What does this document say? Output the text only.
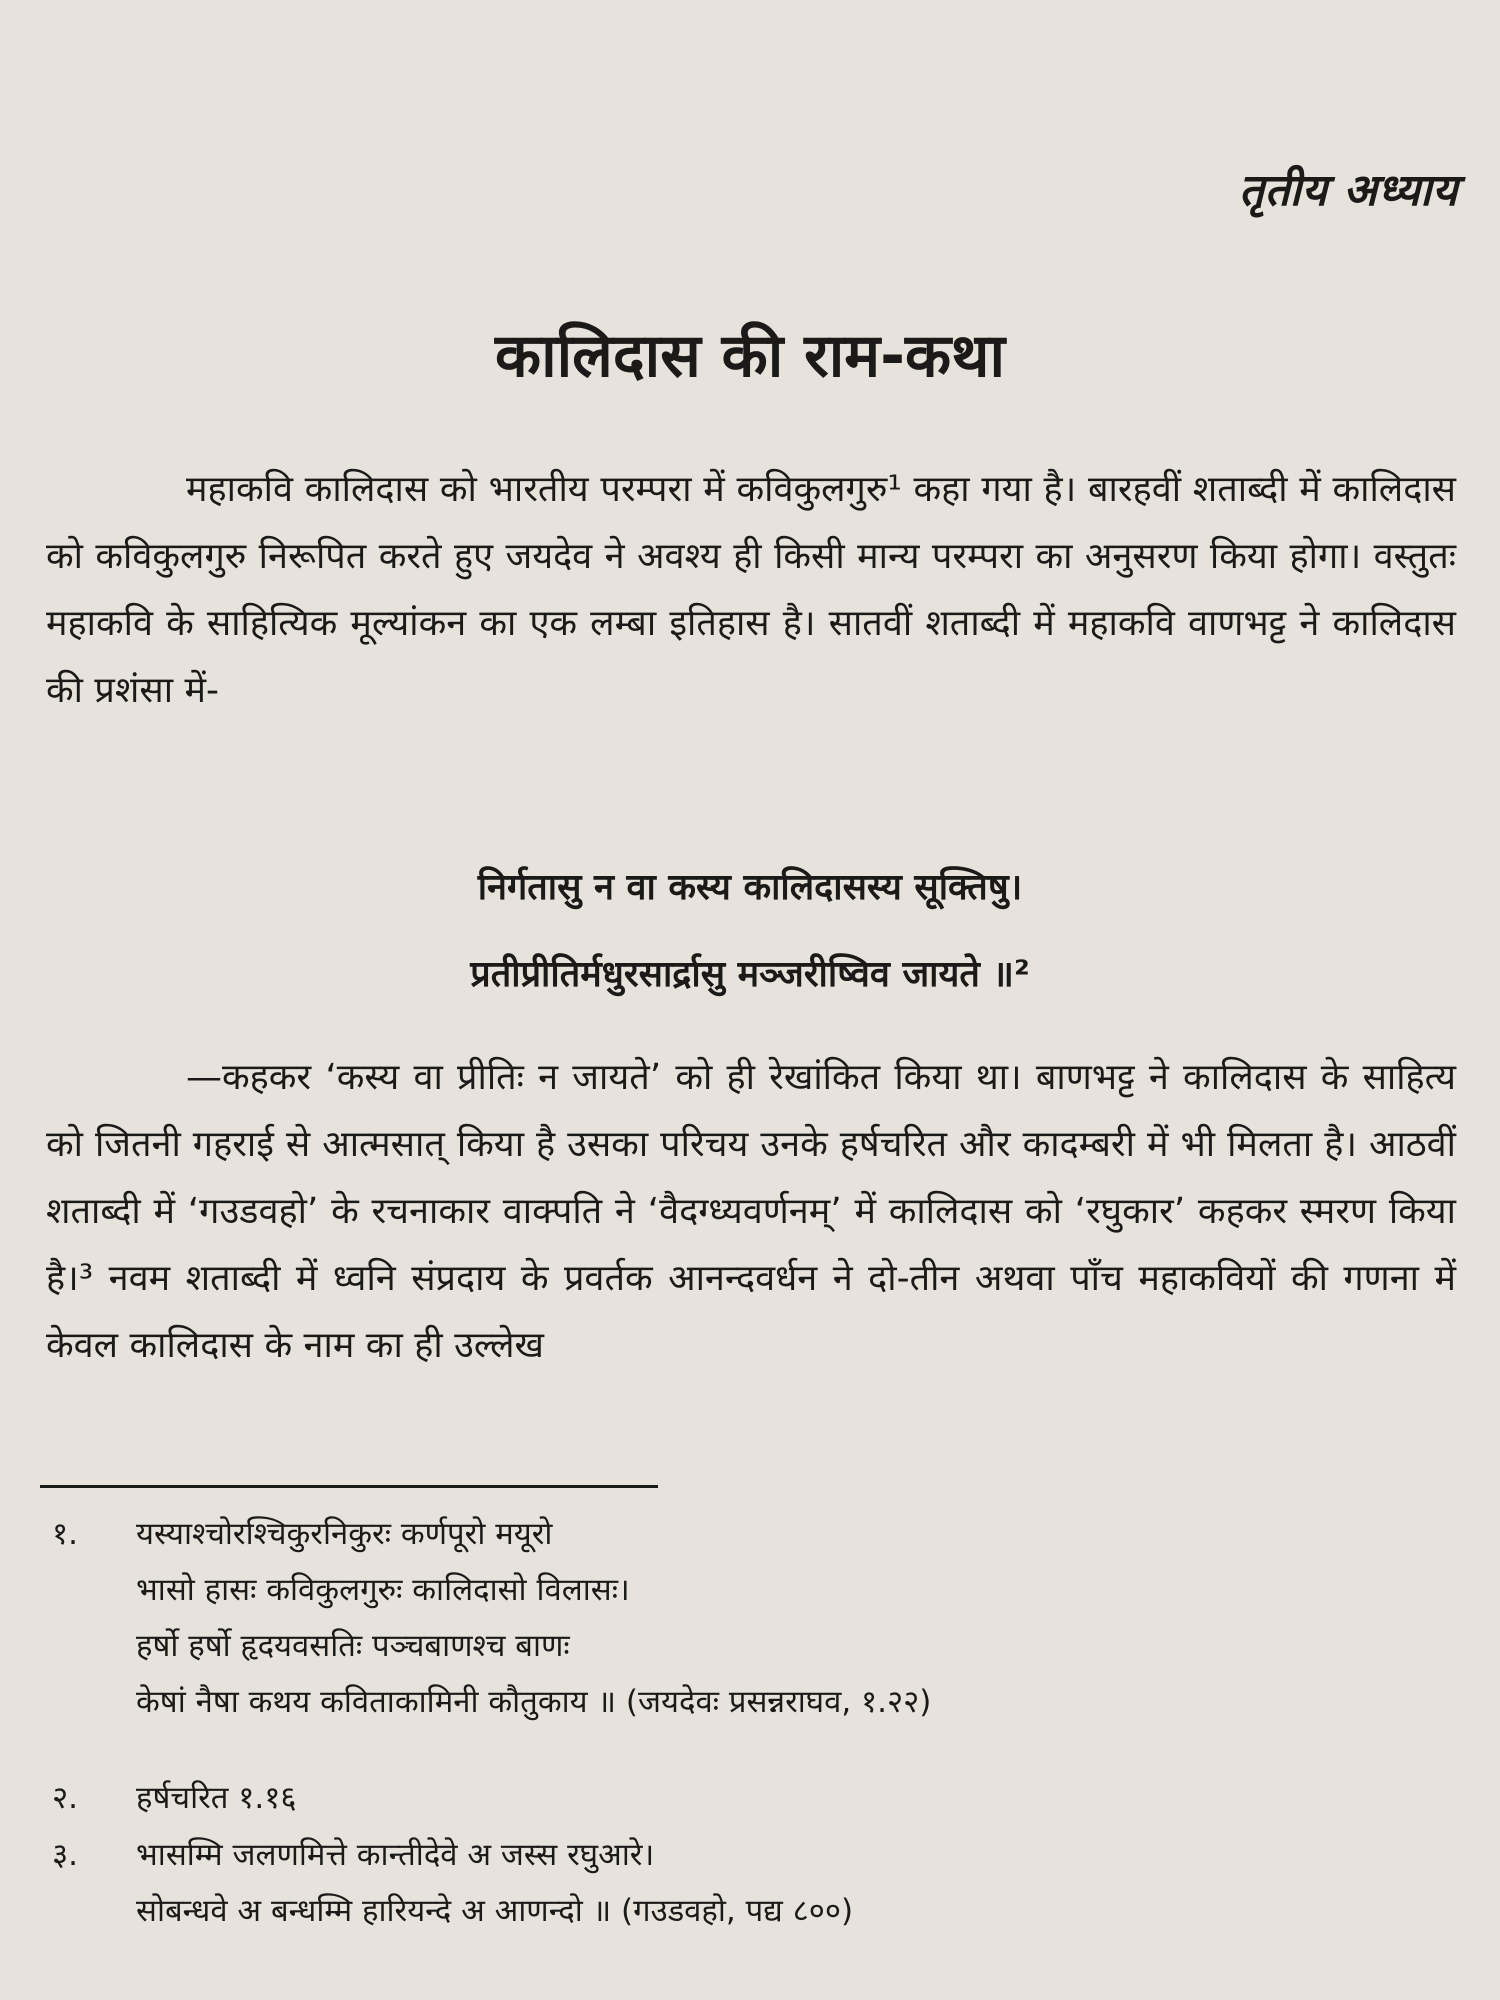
तृतीय अध्याय
कालिदास की राम-कथा
महाकवि कालिदास को भारतीय परम्परा में कविकुलगुरु¹ कहा गया है। बारहवीं शताब्दी में कालिदास को कविकुलगुरु निरूपित करते हुए जयदेव ने अवश्य ही किसी मान्य परम्परा का अनुसरण किया होगा। वस्तुतः महाकवि के साहित्यिक मूल्यांकन का एक लम्बा इतिहास है। सातवीं शताब्दी में महाकवि वाणभट्ट ने कालिदास की प्रशंसा में-
निर्गतासु न वा कस्य कालिदासस्य सूक्तिषु।
प्रतीप्रीतिर्मधुरसार्द्रासु मञ्जरीष्विव जायते ॥²
—कहकर ‘कस्य वा प्रीतिः न जायते’ को ही रेखांकित किया था। बाणभट्ट ने कालिदास के साहित्य को जितनी गहराई से आत्मसात् किया है उसका परिचय उनके हर्षचरित और कादम्बरी में भी मिलता है। आठवीं शताब्दी में ‘गउडवहो’ के रचनाकार वाक्पति ने ‘वैदग्ध्यवर्णनम्’ में कालिदास को ‘रघुकार’ कहकर स्मरण किया है।³ नवम शताब्दी में ध्वनि संप्रदाय के प्रवर्तक आनन्दवर्धन ने दो-तीन अथवा पाँच महाकवियों की गणना में केवल कालिदास के नाम का ही उल्लेख
१.	यस्याश्चोरश्चिकुरनिकुरः कर्णपूरो मयूरो
भासो हासः कविकुलगुरुः कालिदासो विलासः।
हर्षो हर्षो हृदयवसतिः पञ्चबाणश्च बाणः
केषां नैषा कथय कविताकामिनी कौतुकाय ॥ (जयदेवः प्रसन्नराघव, १.२२)
२.	हर्षचरित १.१६
३.	भासम्मि जलणमित्ते कान्तीदेवे अ जस्स रघुआरे।
सोबन्धवे अ बन्धम्मि हारियन्दे अ आणन्दो ॥ (गउडवहो, पद्य ८००)
